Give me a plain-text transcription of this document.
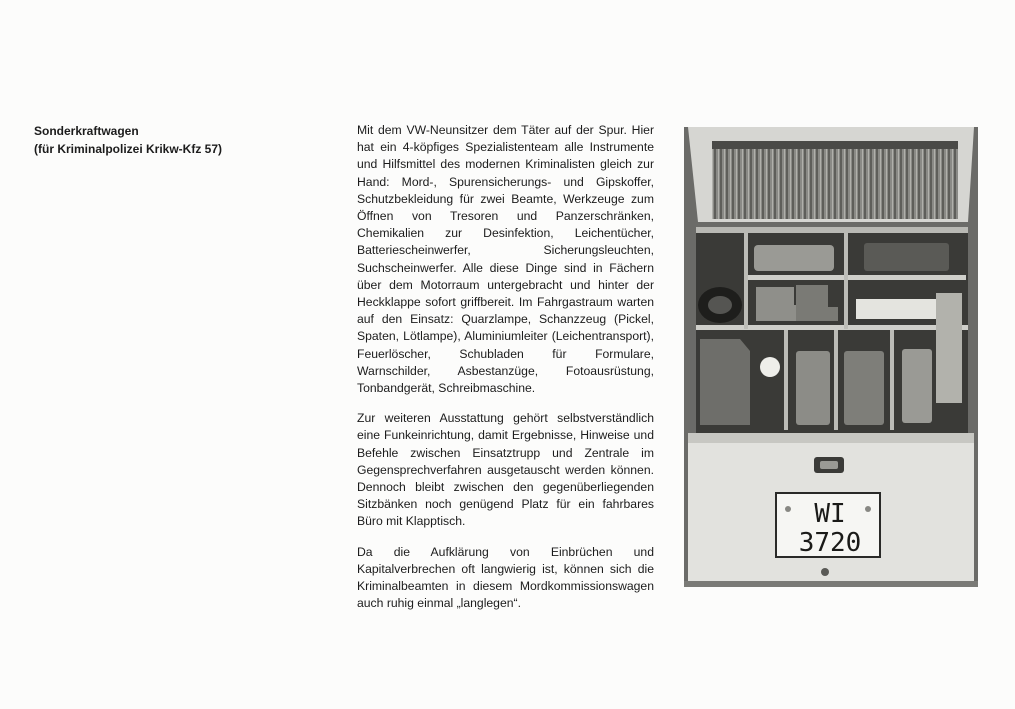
Sonderkraftwagen
(für Kriminalpolizei Krikw-Kfz 57)

Mit dem VW-Neunsitzer dem Täter auf der Spur. Hier hat ein 4-köpfiges Spezialistenteam alle Instrumente und Hilfsmittel des modernen Kriminalisten gleich zur Hand: Mord-, Spurensicherungs- und Gipskoffer, Schutzbekleidung für zwei Beamte, Werkzeuge zum Öffnen von Tresoren und Panzerschränken, Chemikalien zur Desinfektion, Leichentücher, Batteriescheinwerfer, Sicherungsleuchten, Suchscheinwerfer. Alle diese Dinge sind in Fächern über dem Motorraum untergebracht und hinter der Heckklappe sofort griffbereit. Im Fahrgastraum warten auf den Einsatz: Quarzlampe, Schanzzeug (Pickel, Spaten, Lötlampe), Aluminiumleiter (Leichentransport), Feuerlöscher, Schubladen für Formulare, Warnschilder, Asbestanzüge, Fotoausrüstung, Tonbandgerät, Schreibmaschine.

Zur weiteren Ausstattung gehört selbstverständlich eine Funkeinrichtung, damit Ergebnisse, Hinweise und Befehle zwischen Einsatztrupp und Zentrale im Gegensprechverfahren ausgetauscht werden können. Dennoch bleibt zwischen den gegenüberliegenden Sitzbänken noch genügend Platz für ein fahrbares Büro mit Klapptisch.

Da die Aufklärung von Einbrüchen und Kapitalverbrechen oft langwierig ist, können sich die Kriminalbeamten in diesem Mordkommissionswagen auch ruhig einmal „langlegen“.

WI
3720
